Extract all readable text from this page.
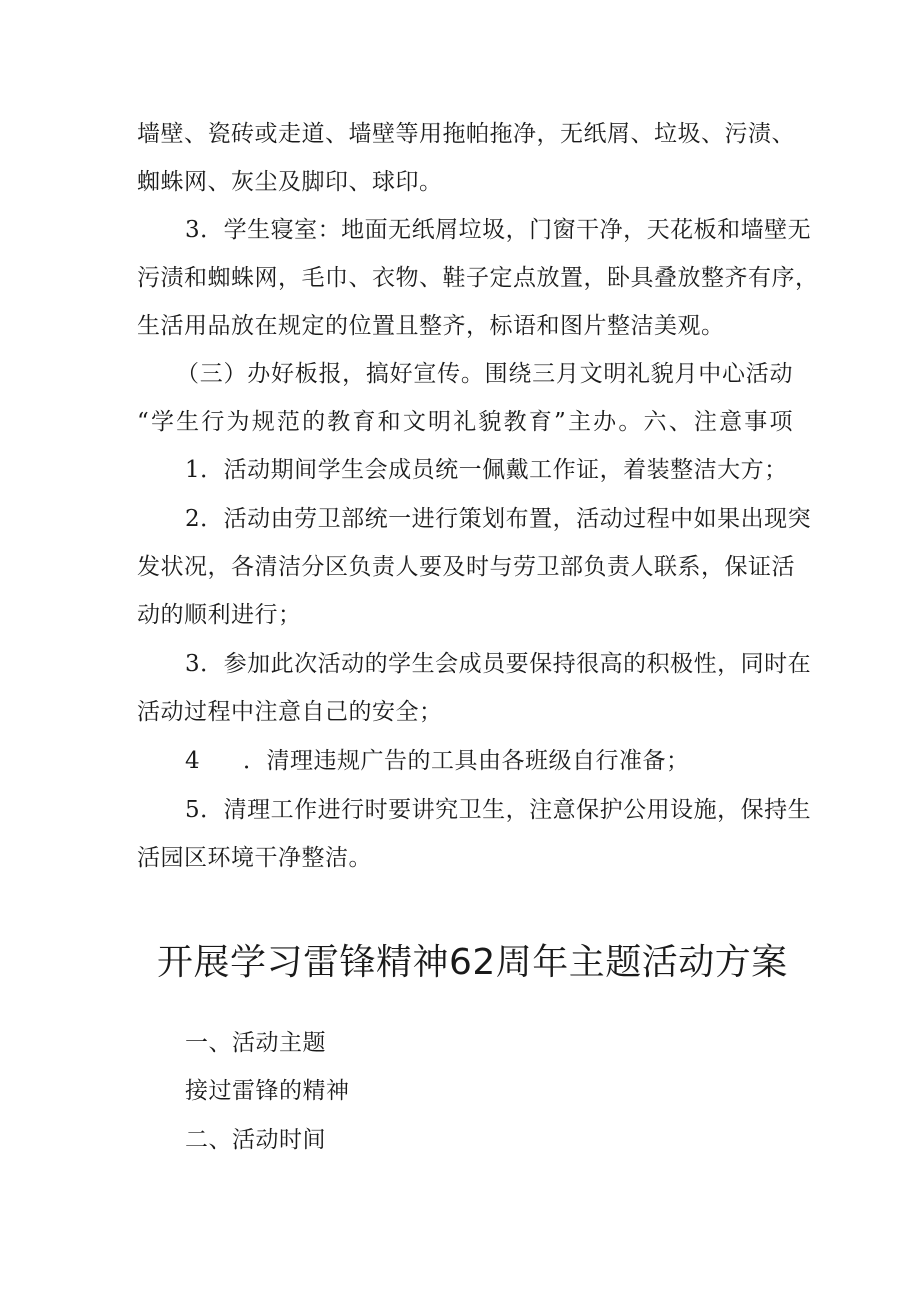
墙壁、瓷砖或走道、墙壁等用拖帕拖净，无纸屑、垃圾、污渍、
蜘蛛网、灰尘及脚印、球印。
3．学生寝室：地面无纸屑垃圾，门窗干净，天花板和墙壁无
污渍和蜘蛛网，毛巾、衣物、鞋子定点放置，卧具叠放整齐有序，
生活用品放在规定的位置且整齐，标语和图片整洁美观。
（三）办好板报，搞好宣传。围绕三月文明礼貌月中心活动
“学生行为规范的教育和文明礼貌教育”主办。六、注意事项
1．活动期间学生会成员统一佩戴工作证，着装整洁大方；
2．活动由劳卫部统一进行策划布置，活动过程中如果出现突
发状况，各清洁分区负责人要及时与劳卫部负责人联系，保证活
动的顺利进行；
3．参加此次活动的学生会成员要保持很高的积极性，同时在
活动过程中注意自己的安全；
4 ．清理违规广告的工具由各班级自行准备；
5．清理工作进行时要讲究卫生，注意保护公用设施，保持生
活园区环境干净整洁。
开展学习雷锋精神62周年主题活动方案
一、活动主题
接过雷锋的精神
二、活动时间
